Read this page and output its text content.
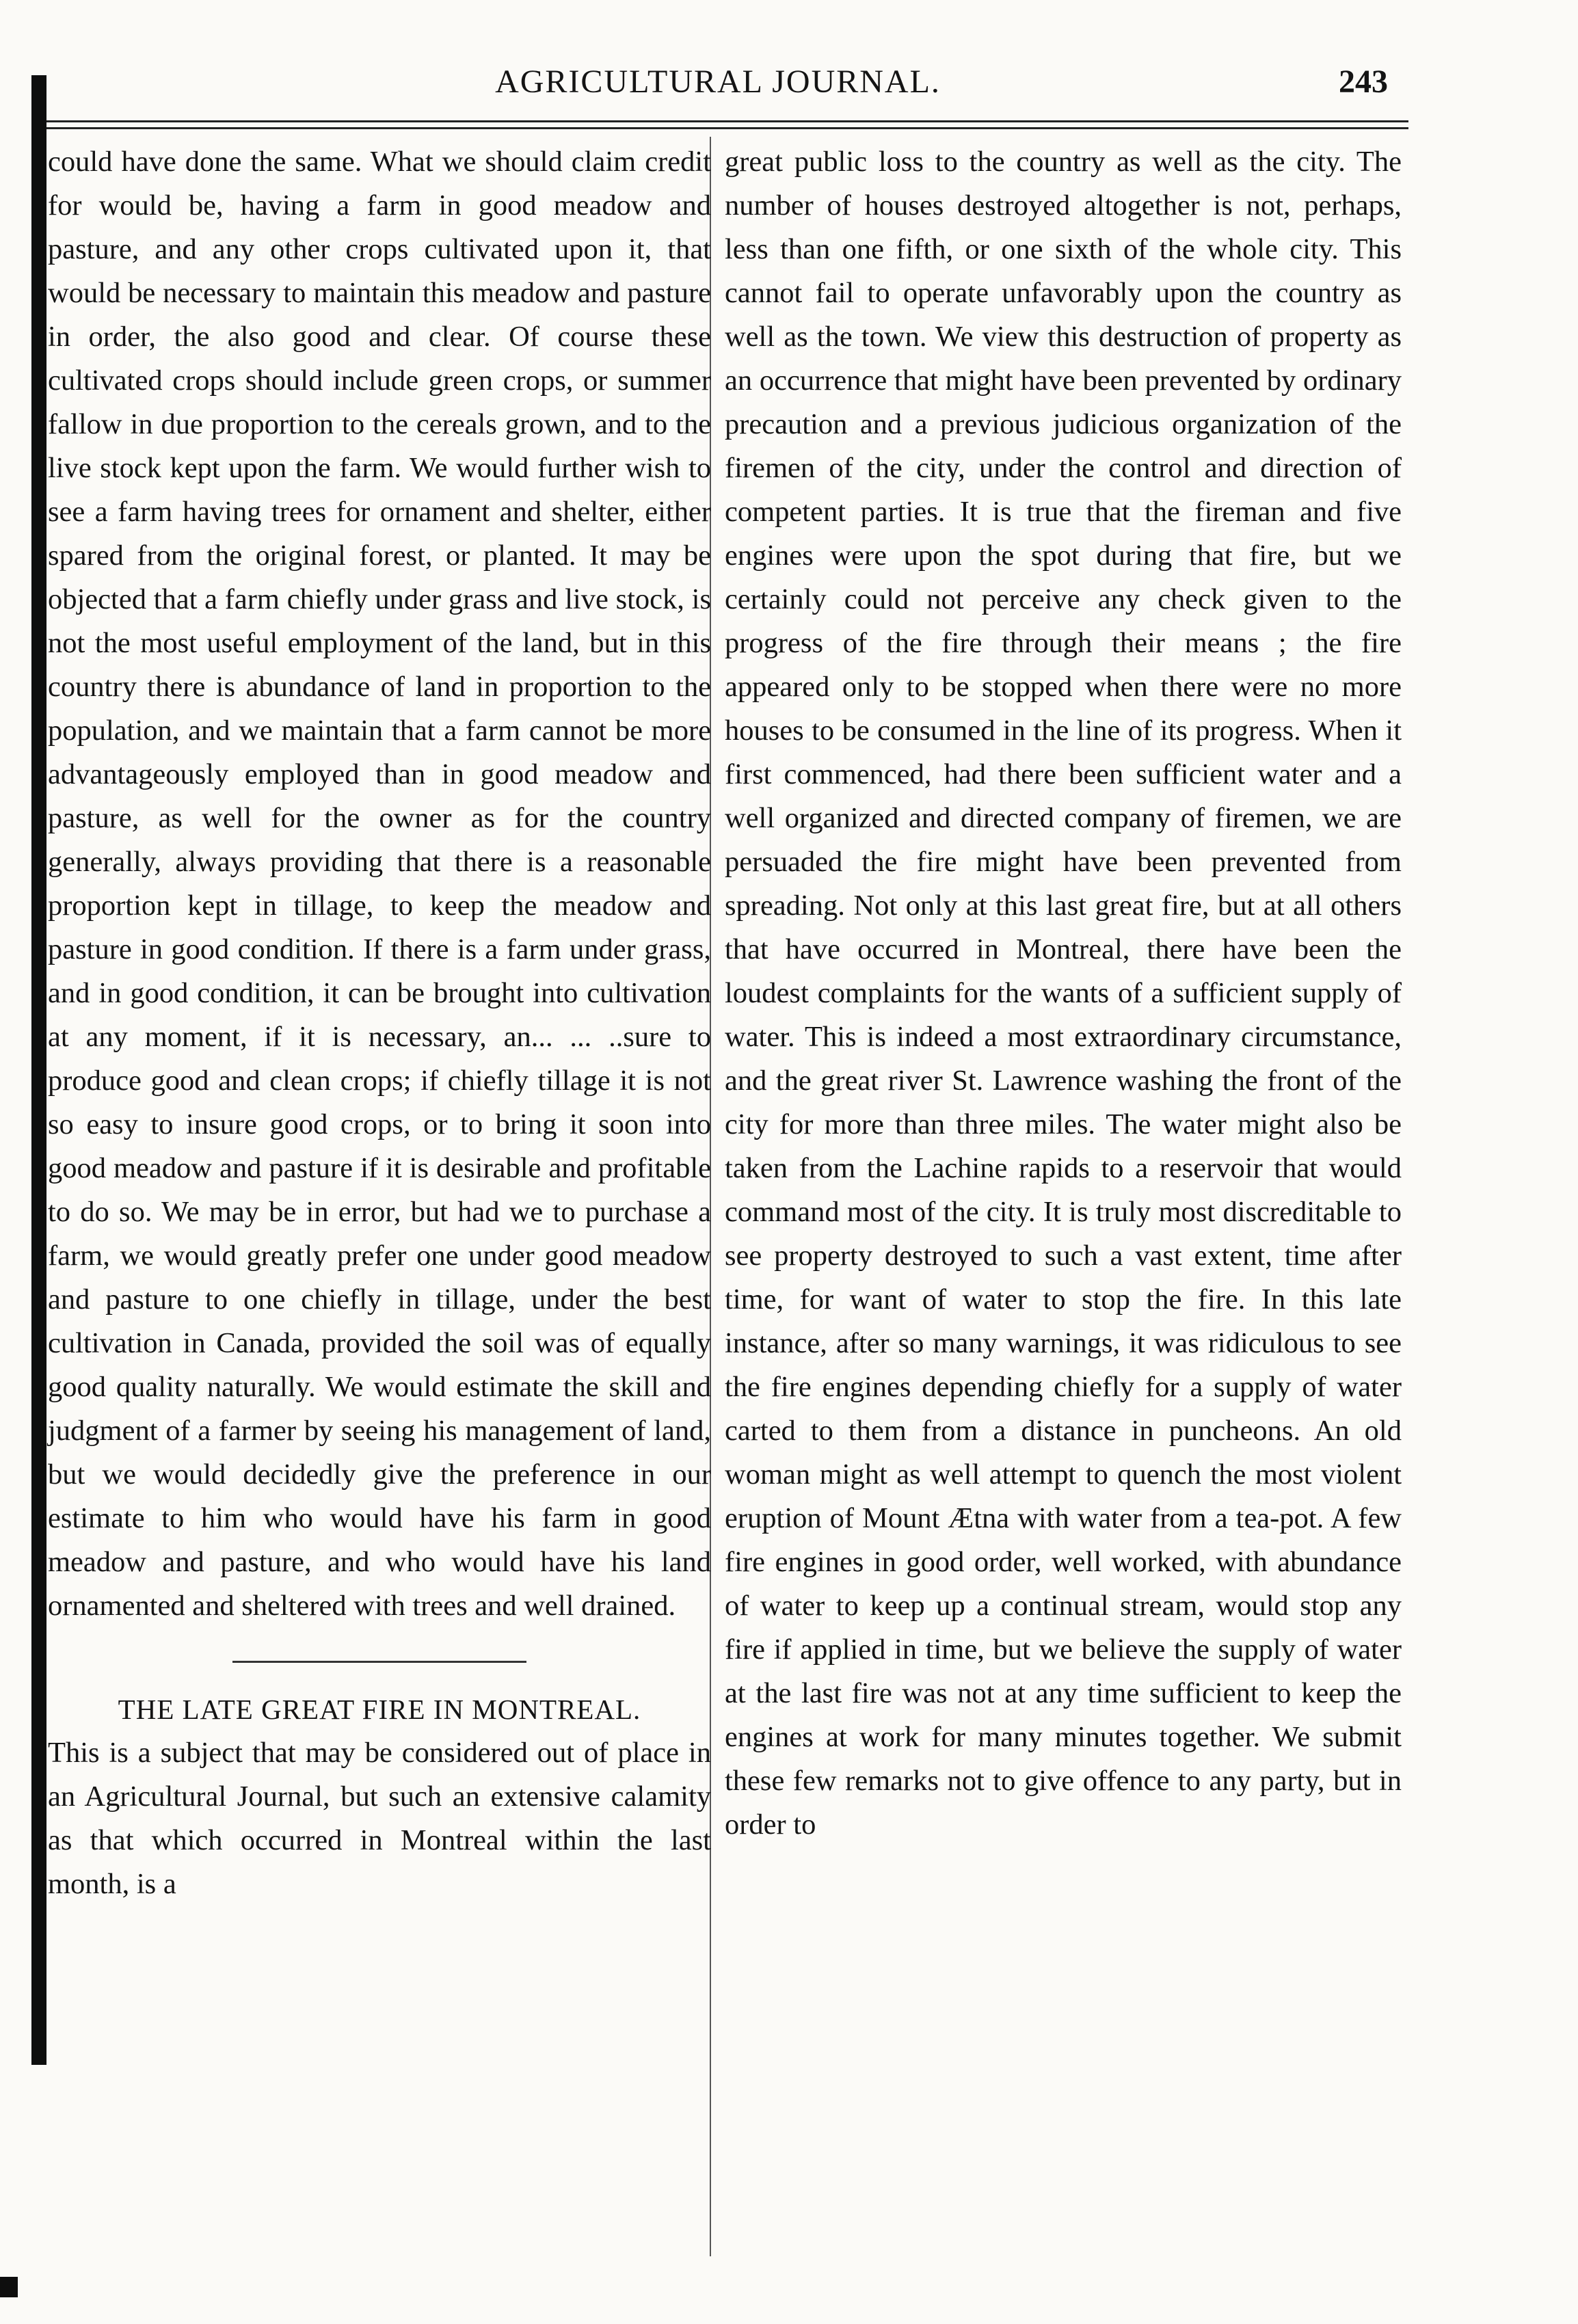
AGRICULTURAL JOURNAL.	243

could have done the same. What we should claim credit for would be, having a farm in good meadow and pasture, and any other crops cultivated upon it, that would be necessary to maintain this meadow and pasture in order, the also good and clear. Of course these cultivated crops should include green crops, or summer fallow in due proportion to the cereals grown, and to the live stock kept upon the farm. We would further wish to see a farm having trees for ornament and shelter, either spared from the original forest, or planted. It may be objected that a farm chiefly under grass and live stock, is not the most useful employment of the land, but in this country there is abundance of land in proportion to the population, and we maintain that a farm cannot be more advantageously employed than in good meadow and pasture, as well for the owner as for the country generally, always providing that there is a reasonable proportion kept in tillage, to keep the meadow and pasture in good condition. If there is a farm under grass, and in good condition, it can be brought into cultivation at any moment, if it is necessary, an... ... ..sure to produce good and clean crops; if chiefly tillage it is not so easy to insure good crops, or to bring it soon into good meadow and pasture if it is desirable and profitable to do so. We may be in error, but had we to purchase a farm, we would greatly prefer one under good meadow and pasture to one chiefly in tillage, under the best cultivation in Canada, provided the soil was of equally good quality naturally. We would estimate the skill and judgment of a farmer by seeing his management of land, but we would decidedly give the preference in our estimate to him who would have his farm in good meadow and pasture, and who would have his land ornamented and sheltered with trees and well drained.

THE LATE GREAT FIRE IN MONTREAL.

This is a subject that may be considered out of place in an Agricultural Journal, but such an extensive calamity as that which occurred in Montreal within the last month, is a

great public loss to the country as well as the city. The number of houses destroyed altogether is not, perhaps, less than one fifth, or one sixth of the whole city. This cannot fail to operate unfavorably upon the country as well as the town. We view this destruction of property as an occurrence that might have been prevented by ordinary precaution and a previous judicious organization of the firemen of the city, under the control and direction of competent parties. It is true that the fireman and five engines were upon the spot during that fire, but we certainly could not perceive any check given to the progress of the fire through their means ; the fire appeared only to be stopped when there were no more houses to be consumed in the line of its progress. When it first commenced, had there been sufficient water and a well organized and directed company of firemen, we are persuaded the fire might have been prevented from spreading. Not only at this last great fire, but at all others that have occurred in Montreal, there have been the loudest complaints for the wants of a sufficient supply of water. This is indeed a most extraordinary circumstance, and the great river St. Lawrence washing the front of the city for more than three miles. The water might also be taken from the Lachine rapids to a reservoir that would command most of the city. It is truly most discreditable to see property destroyed to such a vast extent, time after time, for want of water to stop the fire. In this late instance, after so many warnings, it was ridiculous to see the fire engines depending chiefly for a supply of water carted to them from a distance in puncheons. An old woman might as well attempt to quench the most violent eruption of Mount Ætna with water from a tea-pot. A few fire engines in good order, well worked, with abundance of water to keep up a continual stream, would stop any fire if applied in time, but we believe the supply of water at the last fire was not at any time sufficient to keep the engines at work for many minutes together. We submit these few remarks not to give offence to any party, but in order to
